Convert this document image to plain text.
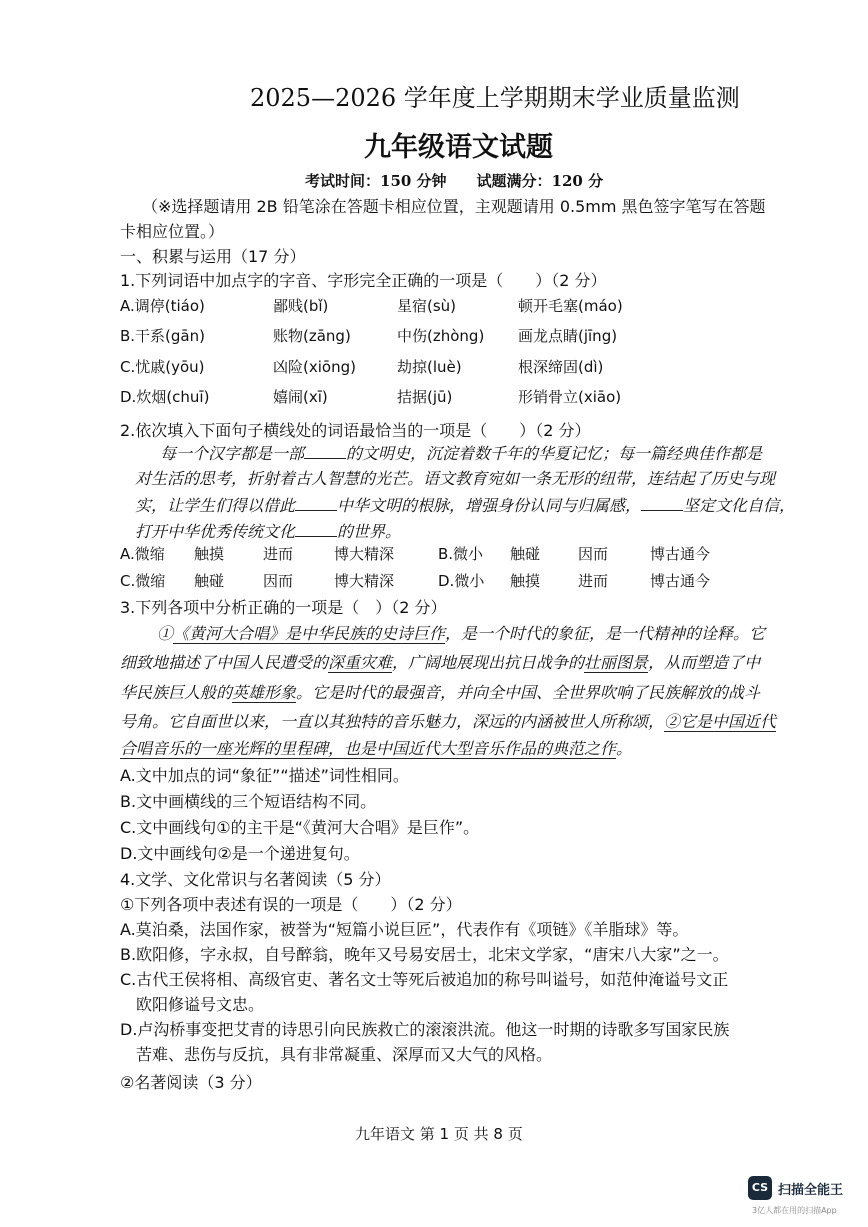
2025—2026 学年度上学期期末学业质量监测
九年级语文试题
考试时间：150 分钟　　试题满分：120 分
（※选择题请用 2B 铅笔涂在答题卡相应位置，主观题请用 0.5mm 黑色签字笔写在答题
卡相应位置。）
一、积累与运用（17 分）
1.下列词语中加点字的字音、字形完全正确的一项是（　　）（2 分）
A.调停(tiáo)	鄙贱(bǐ)	星宿(sù)	顿开毛塞(máo)
B.干系(gān)	账物(zāng)	中伤(zhòng) 画龙点睛(jīng)
C.忧戚(yōu)	凶险(xiōng)	劫掠(luè)	根深缔固(dì)
D.炊烟(chuī)	嬉闹(xī)	拮据(jū)	形销骨立(xiāo)
2.依次填入下面句子横线处的词语最恰当的一项是（　　）（2 分）
每一个汉字都是一部	的文明史，沉淀着数千年的华夏记忆；每一篇经典佳作都是
对生活的思考，折射着古人智慧的光芒。语文教育宛如一条无形的纽带，连结起了历史与现
实，让学生们得以借此	中华文明的根脉，增强身份认同与归属感，	坚定文化自信，
打开中华优秀传统文化	的世界。
A.微缩 触摸	进而	博大精深	B.微小 触碰	因而	博古通今
C.微缩 触碰	因而	博大精深	D.微小 触摸	进而	博古通今
3.下列各项中分析正确的一项是（　）（2 分）
①《黄河大合唱》是中华民族的史诗巨作，是一个时代的象征，是一代精神的诠释。它
细致地描述了中国人民遭受的深重灾难，广阔地展现出抗日战争的壮丽图景，从而塑造了中
华民族巨人般的英雄形象。它是时代的最强音，并向全中国、全世界吹响了民族解放的战斗
号角。它自面世以来，一直以其独特的音乐魅力，深远的内涵被世人所称颂，②它是中国近代
合唱音乐的一座光辉的里程碑，也是中国近代大型音乐作品的典范之作。
A.文中加点的词“象征”“描述”词性相同。
B.文中画横线的三个短语结构不同。
C.文中画线句①的主干是“《黄河大合唱》是巨作”。
D.文中画线句②是一个递进复句。
4.文学、文化常识与名著阅读（5 分）
①下列各项中表述有误的一项是（　　）（2 分）
A.莫泊桑，法国作家，被誉为“短篇小说巨匠”，代表作有《项链》《羊脂球》等。
B.欧阳修，字永叔，自号醉翁，晚年又号易安居士，北宋文学家，“唐宋八大家”之一。
C.古代王侯将相、高级官吏、著名文士等死后被追加的称号叫谥号，如范仲淹谥号文正
　欧阳修谥号文忠。
D.卢沟桥事变把艾青的诗思引向民族救亡的滚滚洪流。他这一时期的诗歌多写国家民族
　苦难、悲伤与反抗，具有非常凝重、深厚而又大气的风格。
②名著阅读（3 分）
九年语文 第 1 页 共 8 页
CS 扫描全能王
3亿人都在用的扫描App
